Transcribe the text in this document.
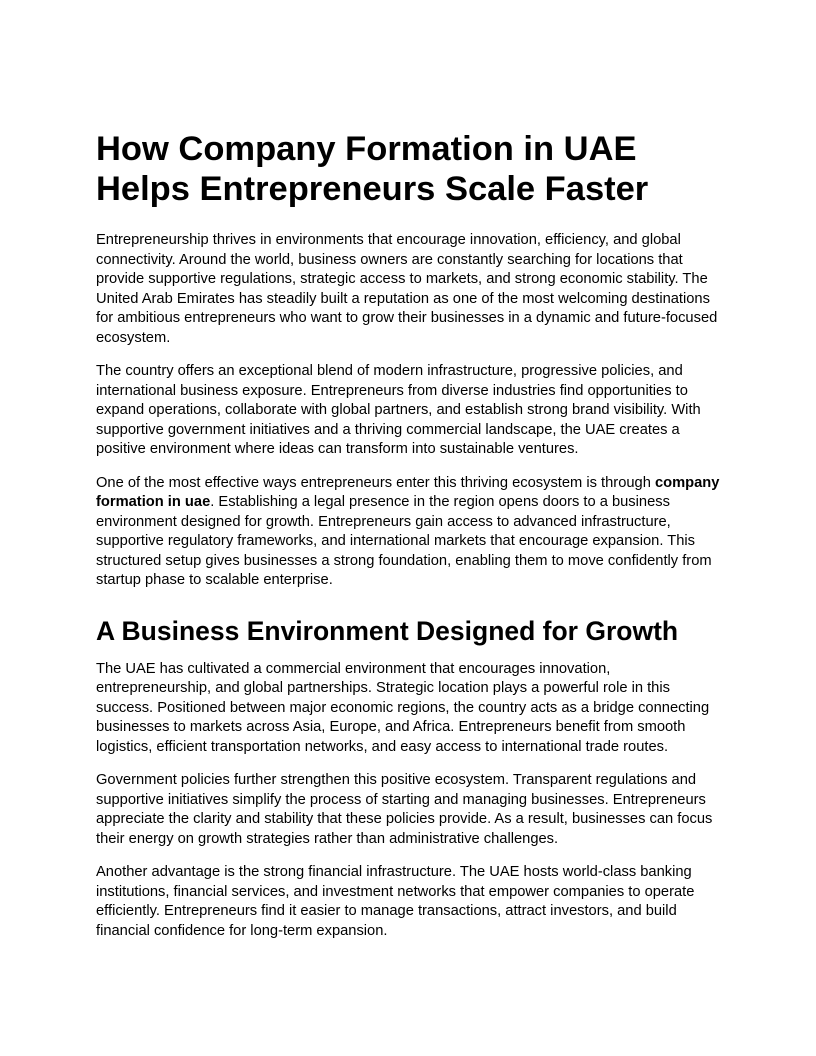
How Company Formation in UAE Helps Entrepreneurs Scale Faster

Entrepreneurship thrives in environments that encourage innovation, efficiency, and global connectivity. Around the world, business owners are constantly searching for locations that provide supportive regulations, strategic access to markets, and strong economic stability. The United Arab Emirates has steadily built a reputation as one of the most welcoming destinations for ambitious entrepreneurs who want to grow their businesses in a dynamic and future-focused ecosystem.

The country offers an exceptional blend of modern infrastructure, progressive policies, and international business exposure. Entrepreneurs from diverse industries find opportunities to expand operations, collaborate with global partners, and establish strong brand visibility. With supportive government initiatives and a thriving commercial landscape, the UAE creates a positive environment where ideas can transform into sustainable ventures.

One of the most effective ways entrepreneurs enter this thriving ecosystem is through company formation in uae. Establishing a legal presence in the region opens doors to a business environment designed for growth. Entrepreneurs gain access to advanced infrastructure, supportive regulatory frameworks, and international markets that encourage expansion. This structured setup gives businesses a strong foundation, enabling them to move confidently from startup phase to scalable enterprise.

A Business Environment Designed for Growth

The UAE has cultivated a commercial environment that encourages innovation, entrepreneurship, and global partnerships. Strategic location plays a powerful role in this success. Positioned between major economic regions, the country acts as a bridge connecting businesses to markets across Asia, Europe, and Africa. Entrepreneurs benefit from smooth logistics, efficient transportation networks, and easy access to international trade routes.

Government policies further strengthen this positive ecosystem. Transparent regulations and supportive initiatives simplify the process of starting and managing businesses. Entrepreneurs appreciate the clarity and stability that these policies provide. As a result, businesses can focus their energy on growth strategies rather than administrative challenges.

Another advantage is the strong financial infrastructure. The UAE hosts world-class banking institutions, financial services, and investment networks that empower companies to operate efficiently. Entrepreneurs find it easier to manage transactions, attract investors, and build financial confidence for long-term expansion.
